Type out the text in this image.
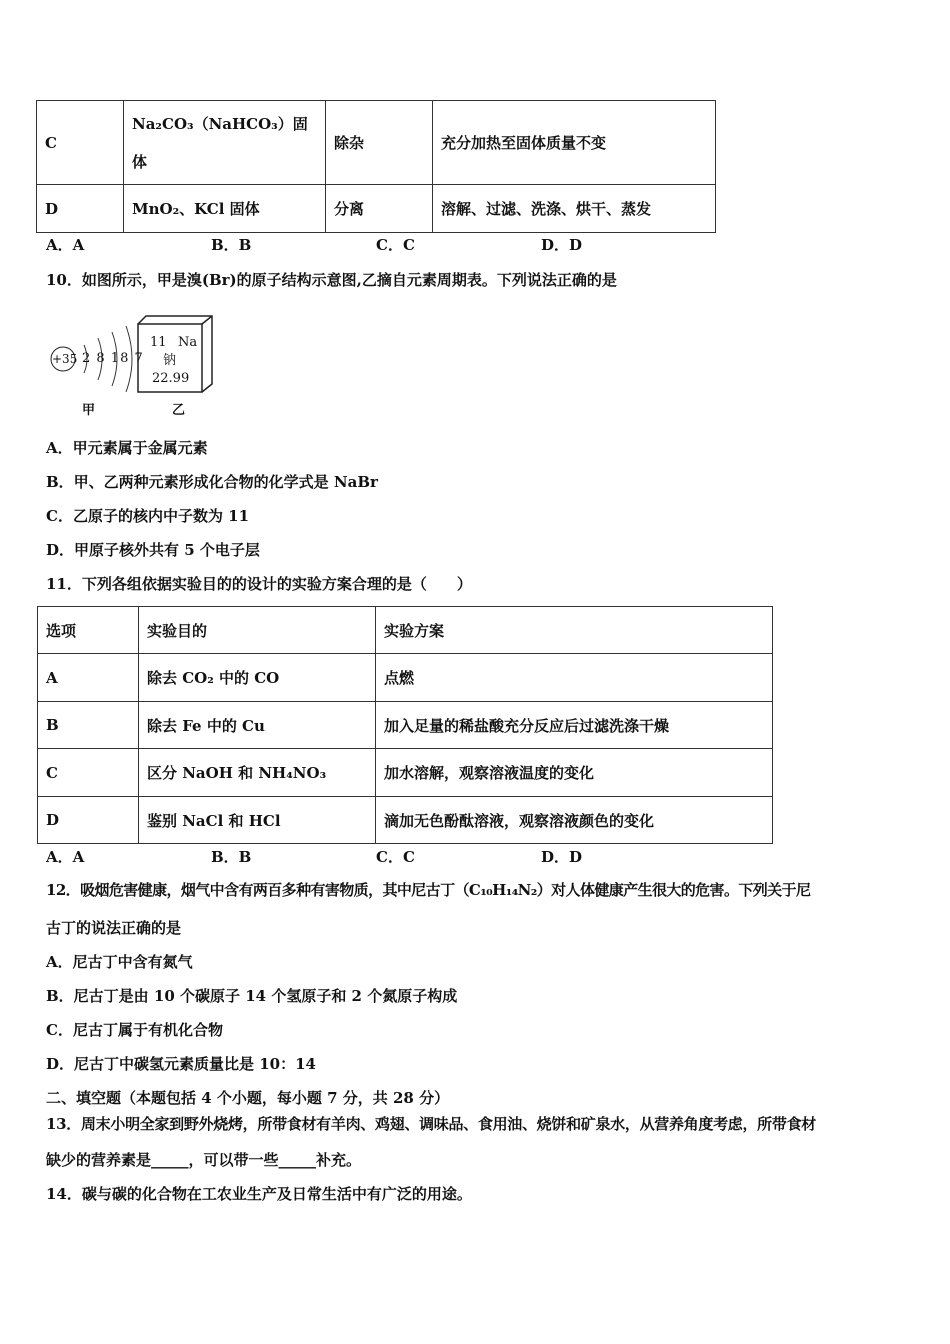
C	Na₂CO₃（NaHCO₃）固
体	除杂	充分加热至固体质量不变
D	MnO₂、KCl 固体	分离	溶解、过滤、洗涤、烘干、蒸发
A．A	B．B	C．C	D．D
10．如图所示，甲是溴(Br)的原子结构示意图,乙摘自元素周期表。下列说法正确的是
+35 2 8 18 7
甲
11 Na
钠
22.99
乙
A．甲元素属于金属元素
B．甲、乙两种元素形成化合物的化学式是 NaBr
C．乙原子的核内中子数为 11
D．甲原子核外共有 5 个电子层
11．下列各组依据实验目的的设计的实验方案合理的是（　　）
选项	实验目的	实验方案
A	除去 CO₂ 中的 CO	点燃
B	除去 Fe 中的 Cu	加入足量的稀盐酸充分反应后过滤洗涤干燥
C	区分 NaOH 和 NH₄NO₃	加水溶解，观察溶液温度的变化
D	鉴别 NaCl 和 HCl	滴加无色酚酞溶液，观察溶液颜色的变化
A．A	B．B	C．C	D．D
12．吸烟危害健康，烟气中含有两百多种有害物质，其中尼古丁（C₁₀H₁₄N₂）对人体健康产生很大的危害。下列关于尼
古丁的说法正确的是
A．尼古丁中含有氮气
B．尼古丁是由 10 个碳原子 14 个氢原子和 2 个氮原子构成
C．尼古丁属于有机化合物
D．尼古丁中碳氢元素质量比是 10：14
二、填空题（本题包括 4 个小题，每小题 7 分，共 28 分）
13．周末小明全家到野外烧烤，所带食材有羊肉、鸡翅、调味品、食用油、烧饼和矿泉水，从营养角度考虑，所带食材
缺少的营养素是_____，可以带一些_____补充。
14．碳与碳的化合物在工农业生产及日常生活中有广泛的用途。
